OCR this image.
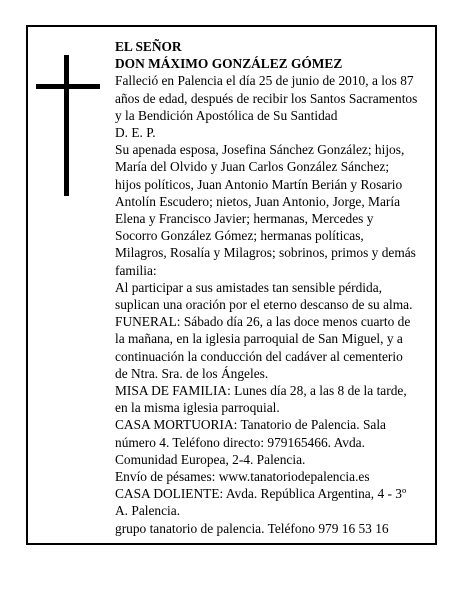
EL SEÑOR
DON MÁXIMO GONZÁLEZ GÓMEZ
Falleció en Palencia el día 25 de junio de 2010, a los 87
años de edad, después de recibir los Santos Sacramentos
y la Bendición Apostólica de Su Santidad
D. E. P.
Su apenada esposa, Josefina Sánchez González; hijos,
María del Olvido y Juan Carlos González Sánchez;
hijos políticos, Juan Antonio Martín Berián y Rosario
Antolín Escudero; nietos, Juan Antonio, Jorge, María
Elena y Francisco Javier; hermanas, Mercedes y
Socorro González Gómez; hermanas políticas,
Milagros, Rosalía y Milagros; sobrinos, primos y demás
familia:
Al participar a sus amistades tan sensible pérdida,
suplican una oración por el eterno descanso de su alma.
FUNERAL: Sábado día 26, a las doce menos cuarto de
la mañana, en la iglesia parroquial de San Miguel, y a
continuación la conducción del cadáver al cementerio
de Ntra. Sra. de los Ángeles.
MISA DE FAMILIA: Lunes día 28, a las 8 de la tarde,
en la misma iglesia parroquial.
CASA MORTUORIA: Tanatorio de Palencia. Sala
número 4. Teléfono directo: 979165466. Avda.
Comunidad Europea, 2-4. Palencia.
Envío de pésames: www.tanatoriodepalencia.es
CASA DOLIENTE: Avda. República Argentina, 4 - 3º
A. Palencia.
grupo tanatorio de palencia. Teléfono 979 16 53 16
